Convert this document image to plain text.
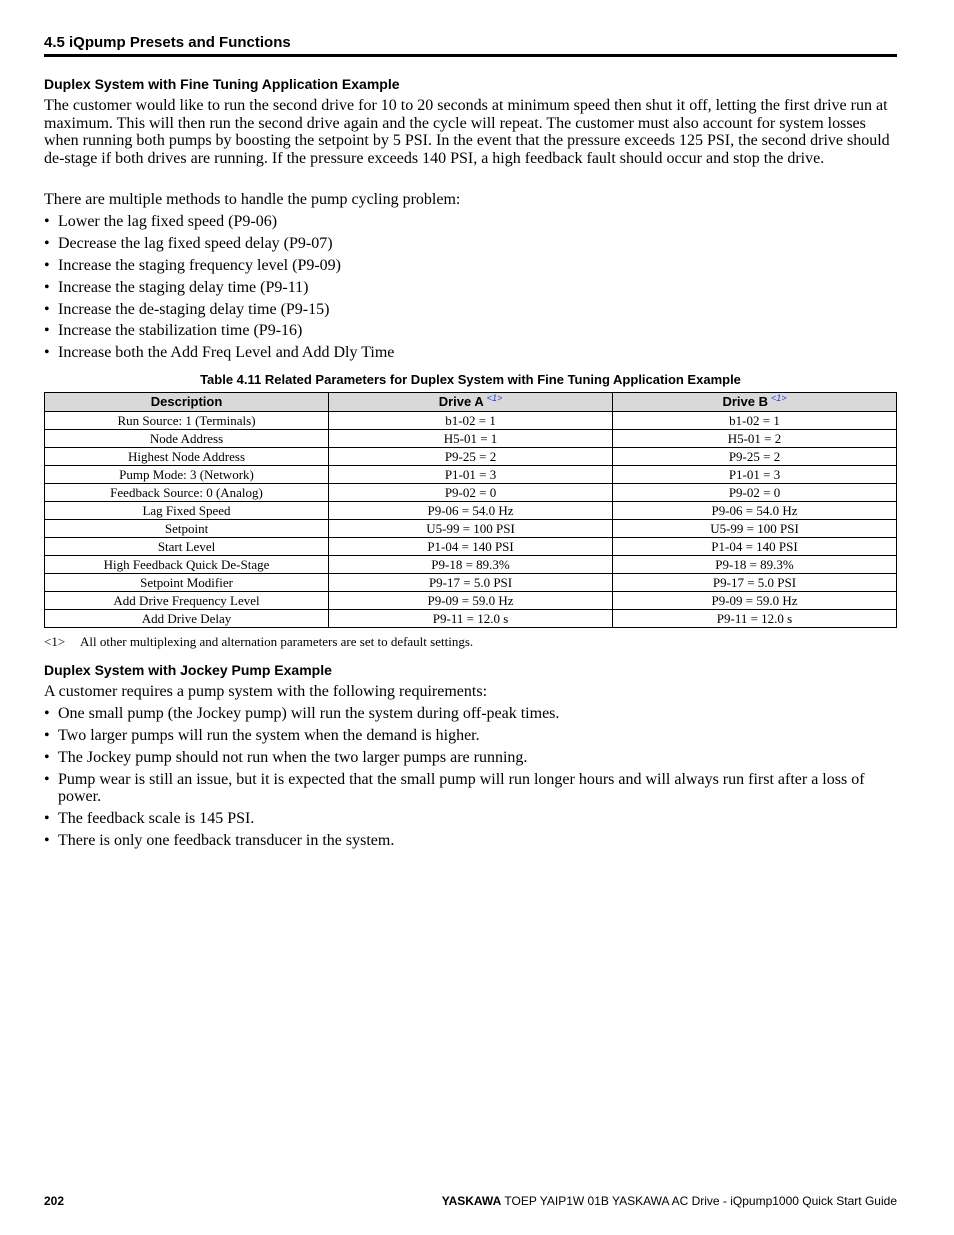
4.5 iQpump Presets and Functions
Duplex System with Fine Tuning Application Example
The customer would like to run the second drive for 10 to 20 seconds at minimum speed then shut it off, letting the first drive run at maximum. This will then run the second drive again and the cycle will repeat. The customer must also account for system losses when running both pumps by boosting the setpoint by 5 PSI. In the event that the pressure exceeds 125 PSI, the second drive should de-stage if both drives are running. If the pressure exceeds 140 PSI, a high feedback fault should occur and stop the drive.
There are multiple methods to handle the pump cycling problem:
• Lower the lag fixed speed (P9-06)
• Decrease the lag fixed speed delay (P9-07)
• Increase the staging frequency level (P9-09)
• Increase the staging delay time (P9-11)
• Increase the de-staging delay time (P9-15)
• Increase the stabilization time (P9-16)
• Increase both the Add Freq Level and Add Dly Time
Table 4.11 Related Parameters for Duplex System with Fine Tuning Application Example
Description	Drive A $^{<1>}$	Drive B $^{<1>}$
Run Source: 1 (Terminals)	b1-02 = 1	b1-02 = 1
Node Address	H5-01 = 1	H5-01 = 2
Highest Node Address	P9-25 = 2	P9-25 = 2
Pump Mode: 3 (Network)	P1-01 = 3	P1-01 = 3
Feedback Source: 0 (Analog)	P9-02 = 0	P9-02 = 0
Lag Fixed Speed	P9-06 = 54.0 Hz	P9-06 = 54.0 Hz
Setpoint	U5-99 = 100 PSI	U5-99 = 100 PSI
Start Level	P1-04 = 140 PSI	P1-04 = 140 PSI
High Feedback Quick De-Stage	P9-18 = 89.3%	P9-18 = 89.3%
Setpoint Modifier	P9-17 = 5.0 PSI	P9-17 = 5.0 PSI
Add Drive Frequency Level	P9-09 = 59.0 Hz	P9-09 = 59.0 Hz
Add Drive Delay	P9-11 = 12.0 s	P9-11 = 12.0 s
<1> All other multiplexing and alternation parameters are set to default settings.
Duplex System with Jockey Pump Example
A customer requires a pump system with the following requirements:
• One small pump (the Jockey pump) will run the system during off-peak times.
• Two larger pumps will run the system when the demand is higher.
• The Jockey pump should not run when the two larger pumps are running.
• Pump wear is still an issue, but it is expected that the small pump will run longer hours and will always run first after a loss of power.
• The feedback scale is 145 PSI.
• There is only one feedback transducer in the system.
202	YASKAWA TOEP YAIP1W 01B YASKAWA AC Drive - iQpump1000 Quick Start Guide
